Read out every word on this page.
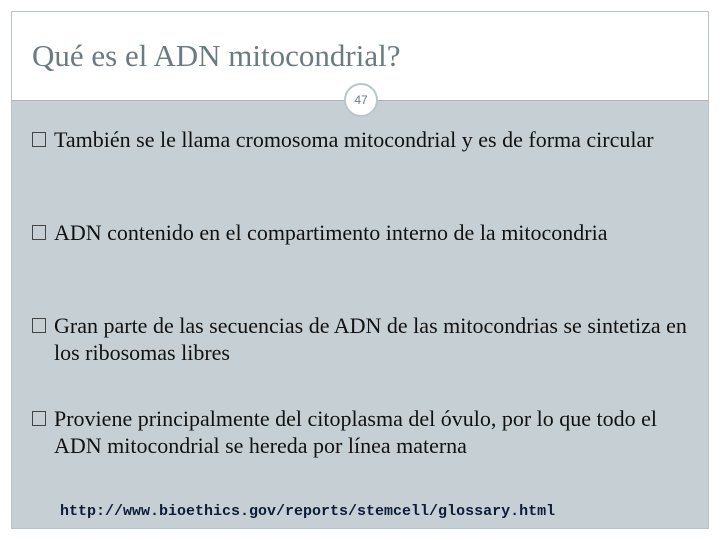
Qué es el ADN mitocondrial?
47
También se le llama cromosoma mitocondrial y es de forma circular
ADN contenido en el compartimento interno de la mitocondria
Gran parte de las secuencias de ADN de las mitocondrias se sintetiza en los ribosomas libres
Proviene principalmente del citoplasma del óvulo, por lo que todo el ADN mitocondrial se hereda por línea materna
http://www.bioethics.gov/reports/stemcell/glossary.html
